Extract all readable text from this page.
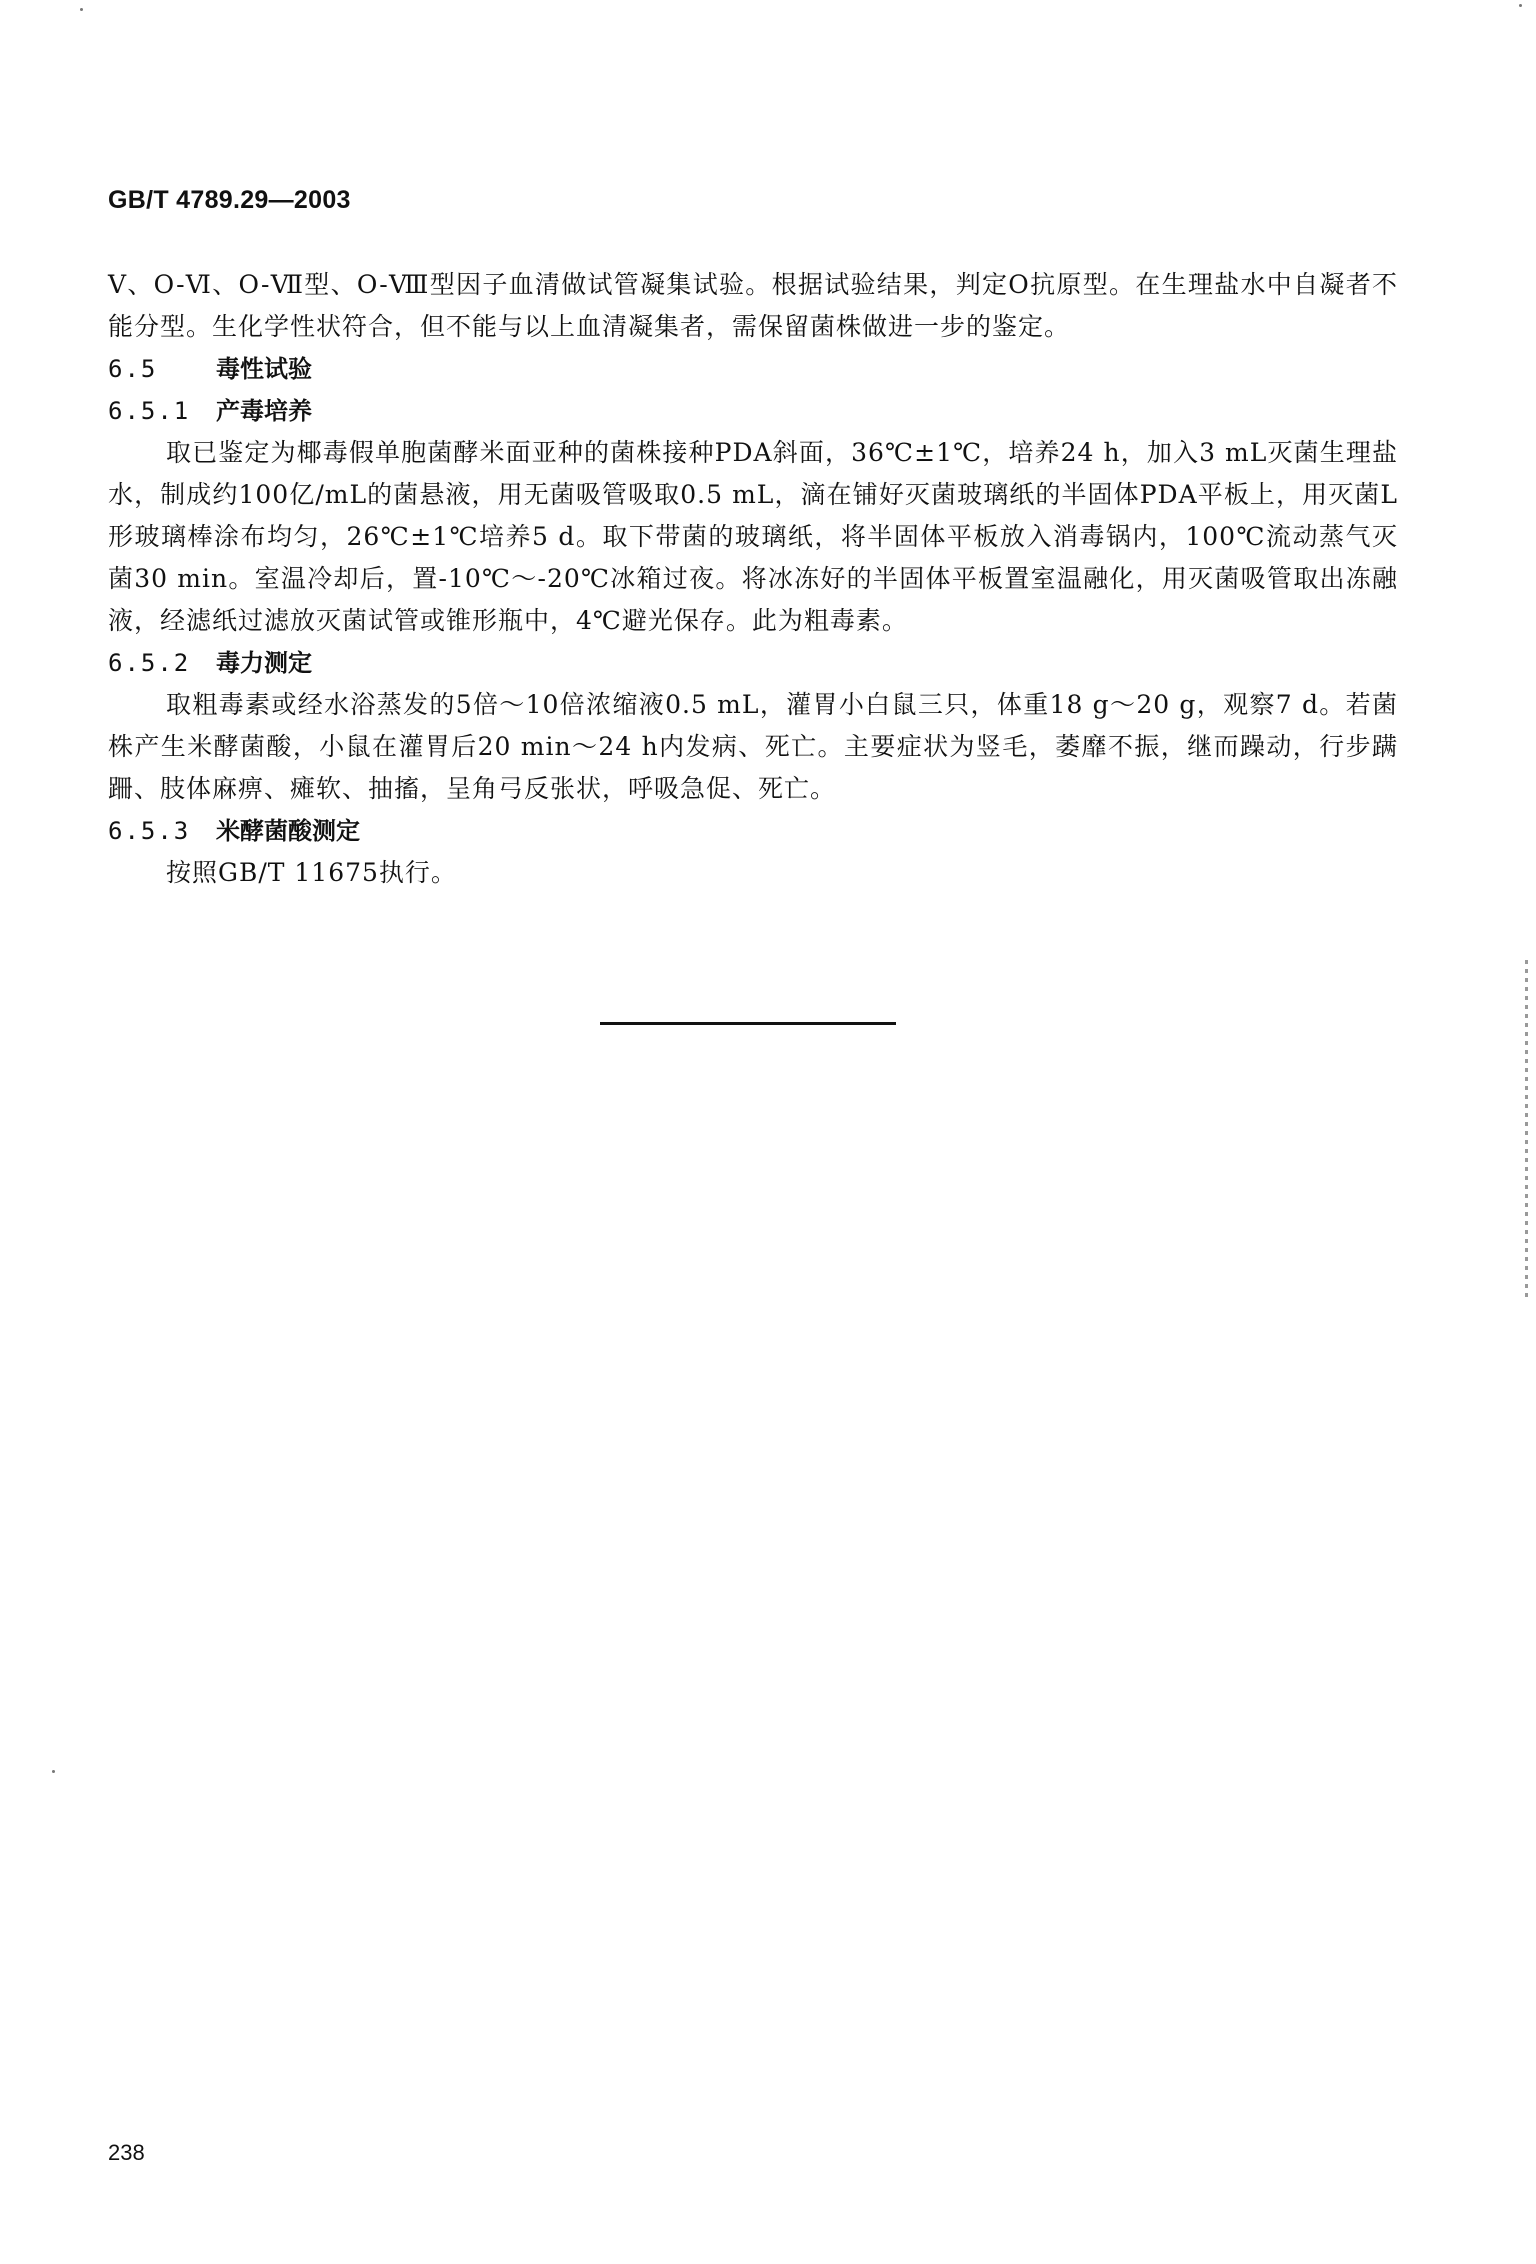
GB/T 4789.29—2003

Ⅴ、O-Ⅵ、O-Ⅶ型、O-Ⅷ型因子血清做试管凝集试验。根据试验结果，判定O抗原型。在生理盐水中自凝者不能分型。生化学性状符合，但不能与以上血清凝集者，需保留菌株做进一步的鉴定。

6.5 毒性试验

6.5.1 产毒培养

取已鉴定为椰毒假单胞菌酵米面亚种的菌株接种PDA斜面，36℃±1℃，培养24 h，加入3 mL灭菌生理盐水，制成约100亿/mL的菌悬液，用无菌吸管吸取0.5 mL，滴在铺好灭菌玻璃纸的半固体PDA平板上，用灭菌L形玻璃棒涂布均匀，26℃±1℃培养5 d。取下带菌的玻璃纸，将半固体平板放入消毒锅内，100℃流动蒸气灭菌30 min。室温冷却后，置-10℃～-20℃冰箱过夜。将冰冻好的半固体平板置室温融化，用灭菌吸管取出冻融液，经滤纸过滤放灭菌试管或锥形瓶中，4℃避光保存。此为粗毒素。

6.5.2 毒力测定

取粗毒素或经水浴蒸发的5倍～10倍浓缩液0.5 mL，灌胃小白鼠三只，体重18 g～20 g，观察7 d。若菌株产生米酵菌酸，小鼠在灌胃后20 min～24 h内发病、死亡。主要症状为竖毛，萎靡不振，继而躁动，行步蹒跚、肢体麻痹、瘫软、抽搐，呈角弓反张状，呼吸急促、死亡。

6.5.3 米酵菌酸测定

按照GB/T 11675执行。

238
